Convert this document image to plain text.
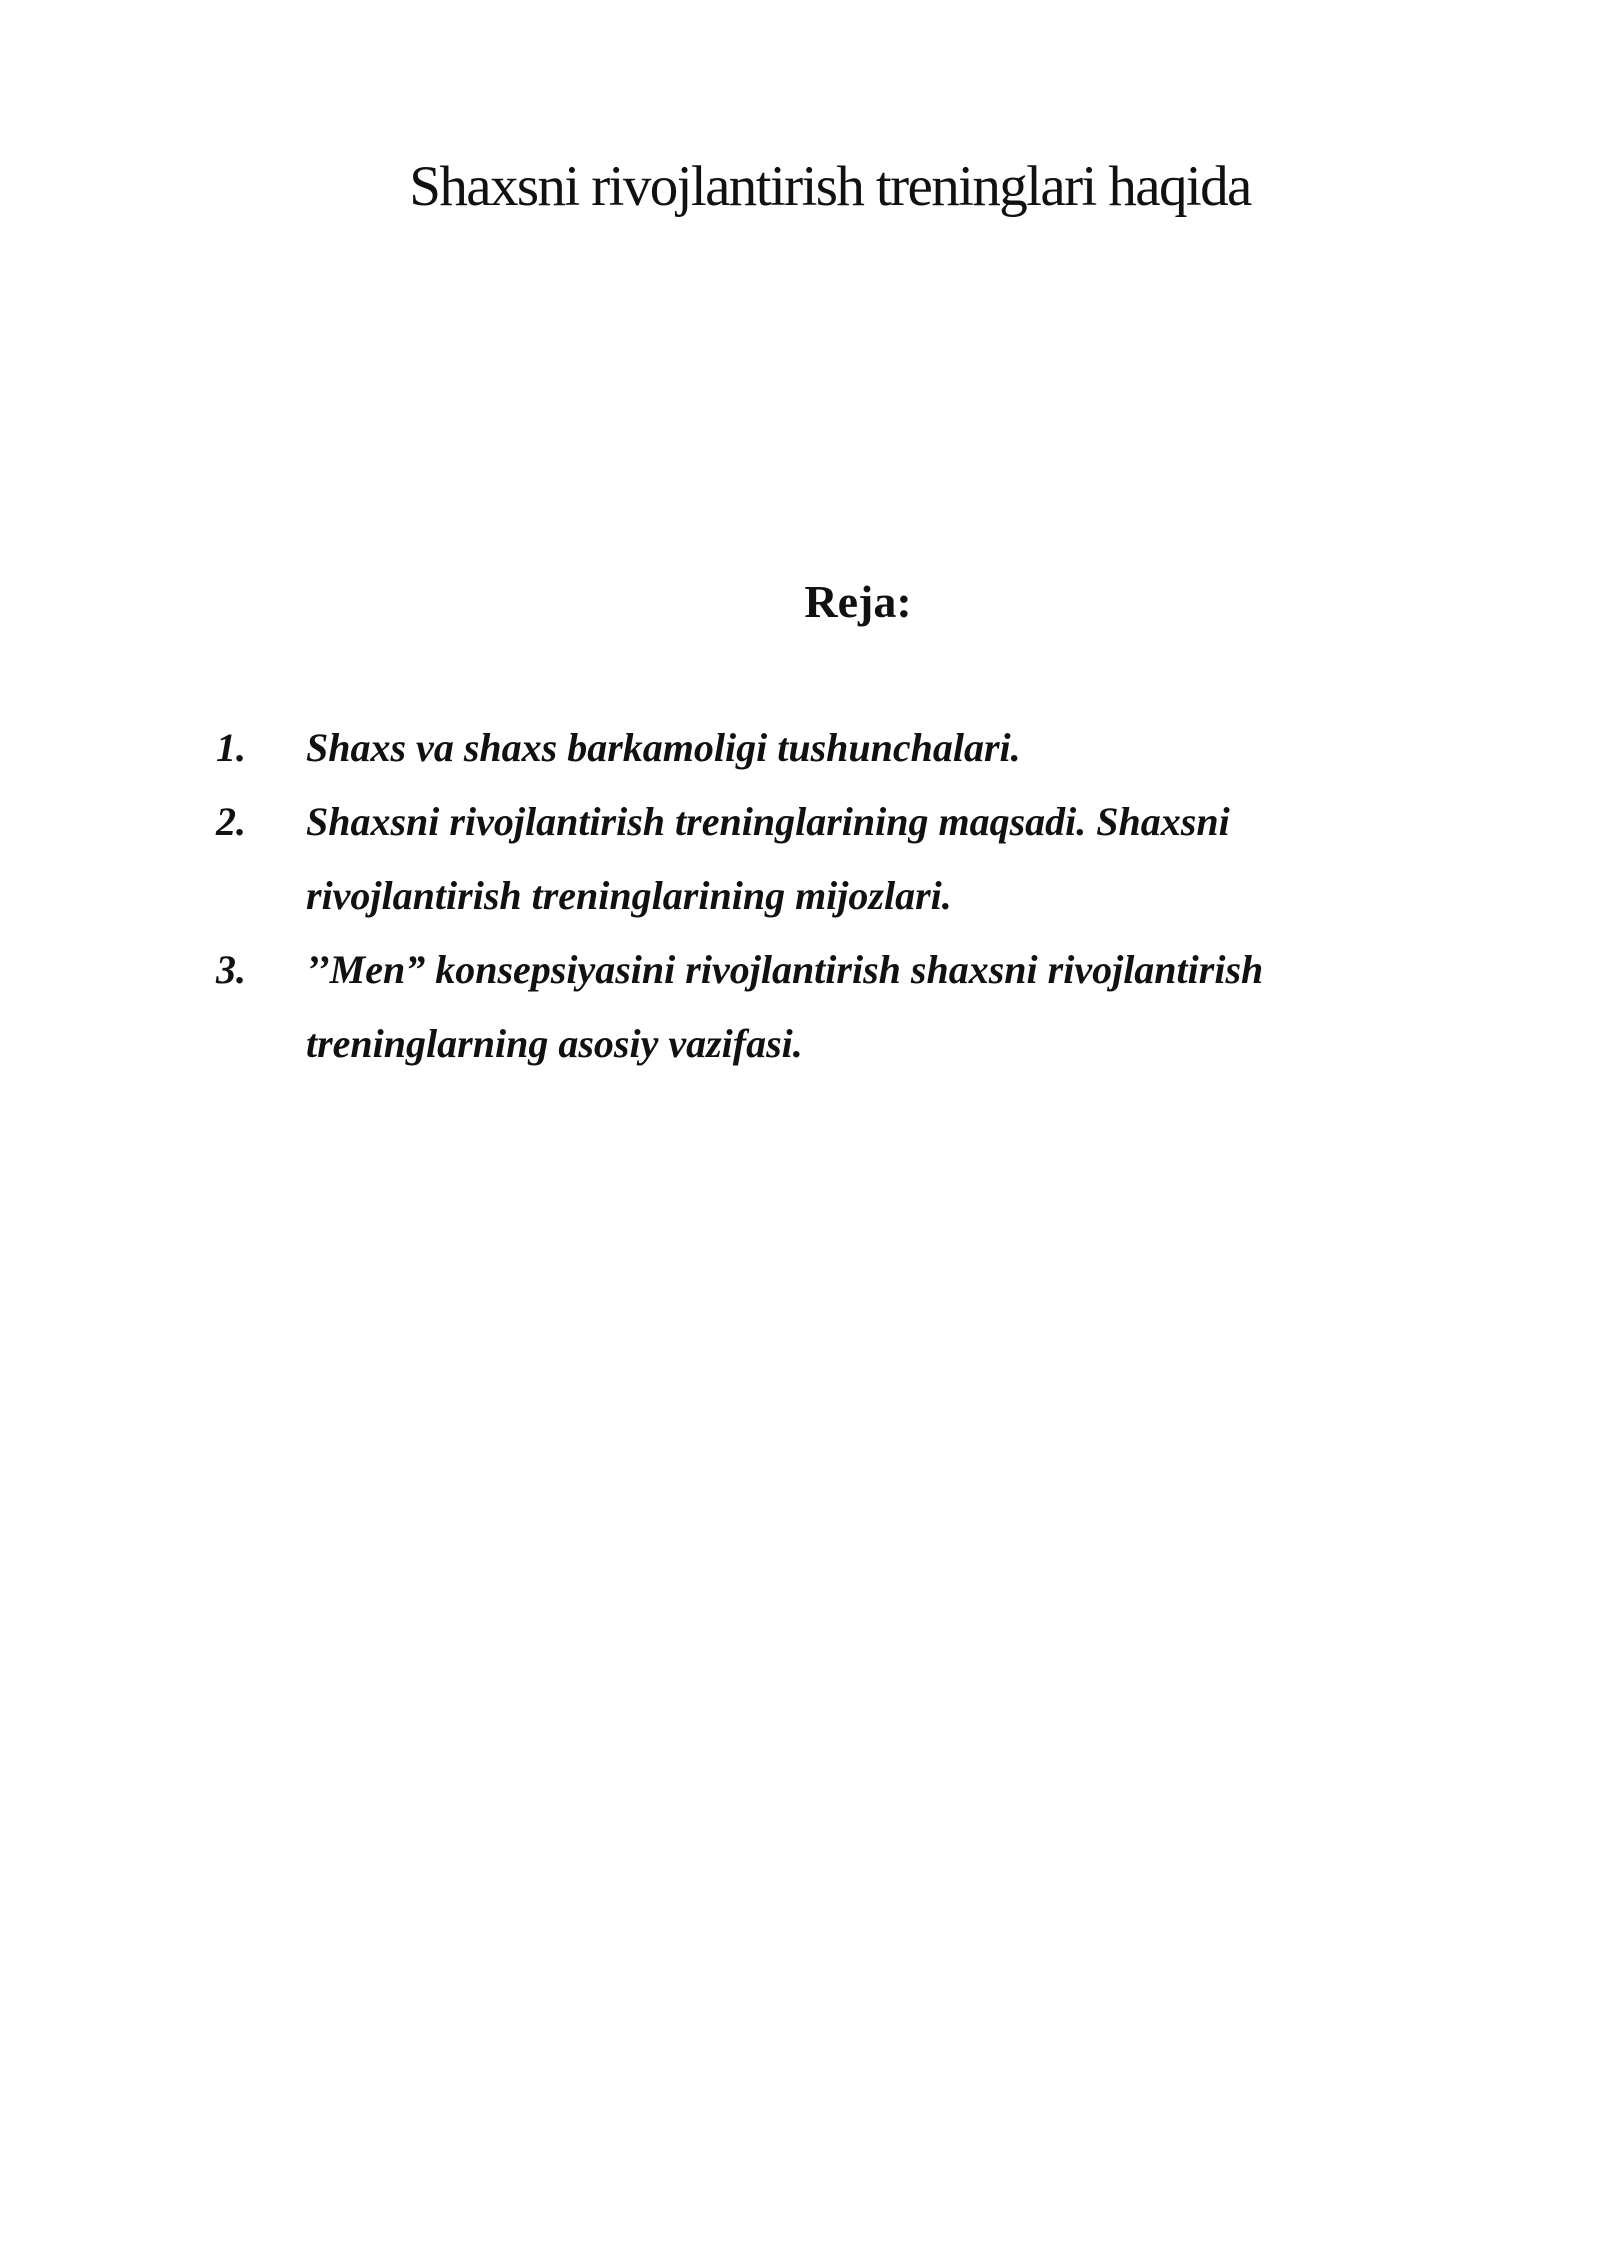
Shaxsni rivojlantirish treninglari haqida
Reja:
1.	Shaxs va shaxs barkamoligi tushunchalari.
2.	Shaxsni rivojlantirish treninglarining maqsadi. Shaxsni
rivojlantirish treninglarining mijozlari.
3.	’’Men” konsepsiyasini rivojlantirish shaxsni rivojlantirish
treninglarning asosiy vazifasi.
